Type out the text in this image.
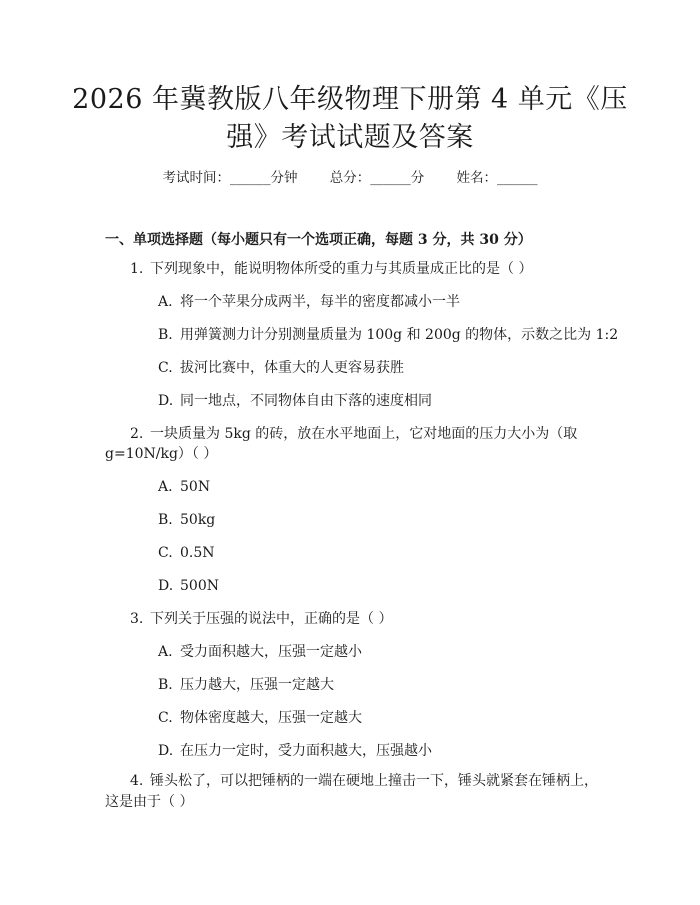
2026 年冀教版八年级物理下册第 4 单元《压
强》考试试题及答案
考试时间：______分钟 总分：______分 姓名：______
一、单项选择题（每小题只有一个选项正确，每题 3 分，共 30 分）
1. 下列现象中，能说明物体所受的重力与其质量成正比的是（ ）
A. 将一个苹果分成两半，每半的密度都减小一半
B. 用弹簧测力计分别测量质量为 100g 和 200g 的物体，示数之比为 1:2
C. 拔河比赛中，体重大的人更容易获胜
D. 同一地点，不同物体自由下落的速度相同
2. 一块质量为 5kg 的砖，放在水平地面上，它对地面的压力大小为（取
g=10N/kg）（ ）
A. 50N
B. 50kg
C. 0.5N
D. 500N
3. 下列关于压强的说法中，正确的是（ ）
A. 受力面积越大，压强一定越小
B. 压力越大，压强一定越大
C. 物体密度越大，压强一定越大
D. 在压力一定时，受力面积越大，压强越小
4. 锤头松了，可以把锤柄的一端在硬地上撞击一下，锤头就紧套在锤柄上，
这是由于（ ）
